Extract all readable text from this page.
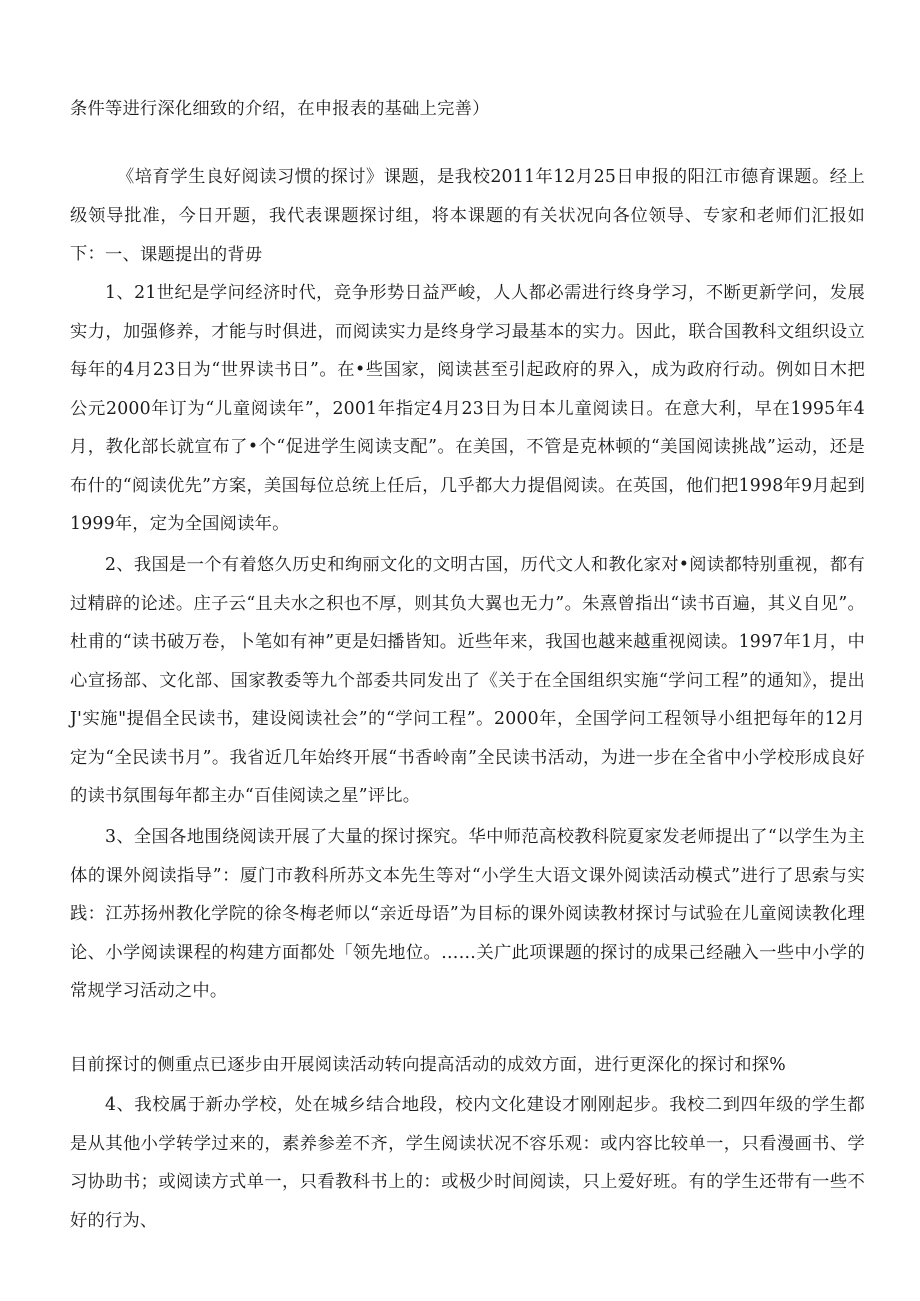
条件等进行深化细致的介绍，在申报表的基础上完善）

《培育学生良好阅读习惯的探讨》课题，是我校2011年12月25日申报的阳江市德育课题。经上级领导批准，今日开题，我代表课题探讨组，将本课题的有关状况向各位领导、专家和老师们汇报如下： 一、课题提出的背毋

1、21世纪是学问经济时代，竞争形势日益严峻，人人都必需进行终身学习，不断更新学问，发展实力，加强修养，才能与时俱进，而阅读实力是终身学习最基本的实力。因此，联合国教科文组织设立每年的4月23日为“世界读书日”。在•些国家，阅读甚至引起政府的界入，成为政府行动。例如日木把公元2000年订为“儿童阅读年”，2001年指定4月23日为日本儿童阅读日。在意大利，早在1995年4月，教化部长就宣布了•个“促进学生阅读支配”。在美国，不管是克林顿的“美国阅读挑战”运动，还是布什的“阅读优先”方案，美国每位总统上任后，几乎都大力提倡阅读。在英国，他们把1998年9月起到1999年，定为全国阅读年。

2、我国是一个有着悠久历史和绚丽文化的文明古国，历代文人和教化家对•阅读都特别重视，都有过精辟的论述。庄子云“且夫水之积也不厚，则其负大翼也无力”。朱熹曾指出“读书百遍，其义自见”。杜甫的“读书破万卷，卜笔如有神”更是妇播皆知。近些年来，我国也越来越重视阅读。1997年1月，中心宣扬部、文化部、国家教委等九个部委共同发出了《关于在全国组织实施“学问工程”的通知》，提出J'实施"提倡全民读书，建设阅读社会”的“学问工程”。2000年，全国学问工程领导小组把每年的12月定为“全民读书月”。我省近几年始终开展“书香岭南”全民读书活动，为进一步在全省中小学校形成良好的读书氛围每年都主办“百佳阅读之星”评比。

3、全国各地围绕阅读开展了大量的探讨探究。华中师范高校教科院夏家发老师提出了“以学生为主体的课外阅读指导”：厦门市教科所苏文本先生等对“小学生大语文课外阅读活动模式”进行了思索与实践：江苏扬州教化学院的徐冬梅老师以“亲近母语”为目标的课外阅读教材探讨与试验在儿童阅读教化理论、小学阅读课程的构建方面都处「领先地位。……关广此项课题的探讨的成果己经融入一些中小学的常规学习活动之中。

目前探讨的侧重点已逐步由开展阅读活动转向提高活动的成效方面，进行更深化的探讨和探%

4、我校属于新办学校，处在城乡结合地段，校内文化建设才刚刚起步。我校二到四年级的学生都是从其他小学转学过来的，素养参差不齐，学生阅读状况不容乐观：或内容比较单一，只看漫画书、学习协助书；或阅读方式单一，只看教科书上的：或极少时间阅读，只上爱好班。有的学生还带有一些不好的行为、
